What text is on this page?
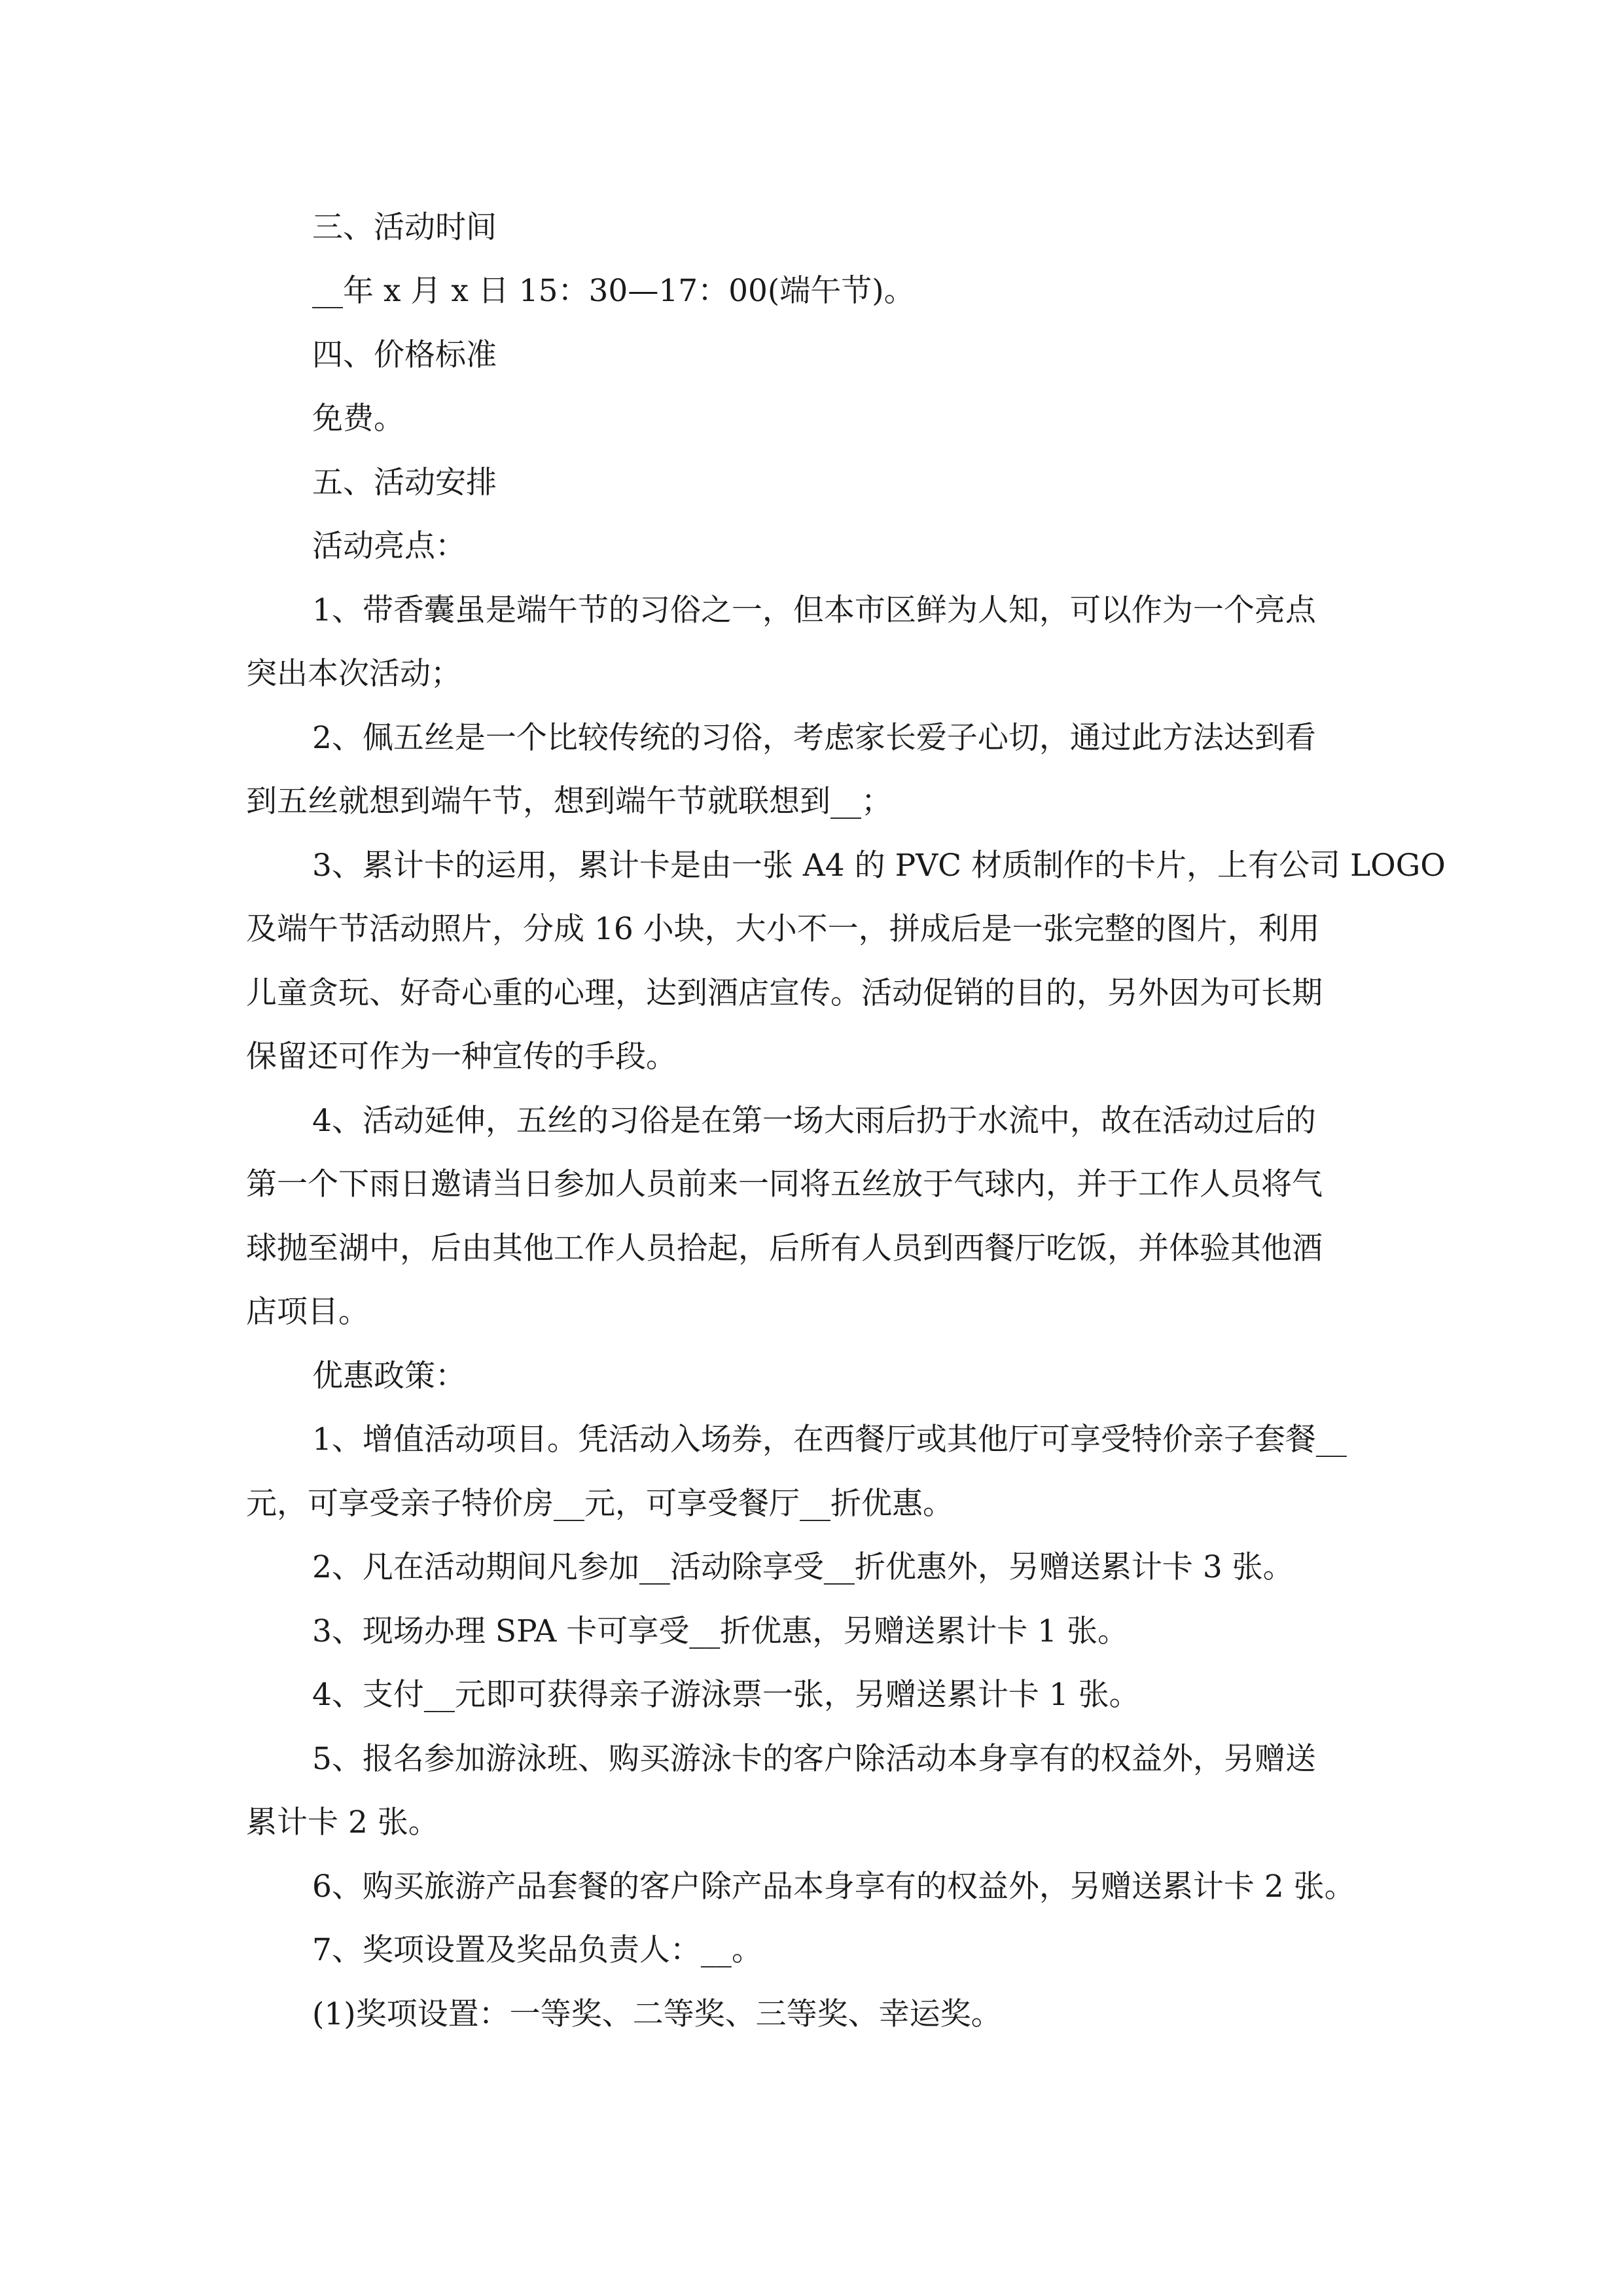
三、活动时间

__年 x 月 x 日 15：30—17：00(端午节)。

四、价格标准

免费。

五、活动安排

活动亮点：

1、带香囊虽是端午节的习俗之一，但本市区鲜为人知，可以作为一个亮点

突出本次活动；

2、佩五丝是一个比较传统的习俗，考虑家长爱子心切，通过此方法达到看

到五丝就想到端午节，想到端午节就联想到__；

3、累计卡的运用，累计卡是由一张 A4 的 PVC 材质制作的卡片，上有公司 LOGO

及端午节活动照片，分成 16 小块，大小不一，拼成后是一张完整的图片，利用

儿童贪玩、好奇心重的心理，达到酒店宣传。活动促销的目的，另外因为可长期

保留还可作为一种宣传的手段。

4、活动延伸，五丝的习俗是在第一场大雨后扔于水流中，故在活动过后的

第一个下雨日邀请当日参加人员前来一同将五丝放于气球内，并于工作人员将气

球抛至湖中，后由其他工作人员拾起，后所有人员到西餐厅吃饭，并体验其他酒

店项目。

优惠政策：

1、增值活动项目。凭活动入场券，在西餐厅或其他厅可享受特价亲子套餐__

元，可享受亲子特价房__元，可享受餐厅__折优惠。

2、凡在活动期间凡参加__活动除享受__折优惠外，另赠送累计卡 3 张。

3、现场办理 SPA 卡可享受__折优惠，另赠送累计卡 1 张。

4、支付__元即可获得亲子游泳票一张，另赠送累计卡 1 张。

5、报名参加游泳班、购买游泳卡的客户除活动本身享有的权益外，另赠送

累计卡 2 张。

6、购买旅游产品套餐的客户除产品本身享有的权益外，另赠送累计卡 2 张。

7、奖项设置及奖品负责人：__。

(1)奖项设置：一等奖、二等奖、三等奖、幸运奖。
